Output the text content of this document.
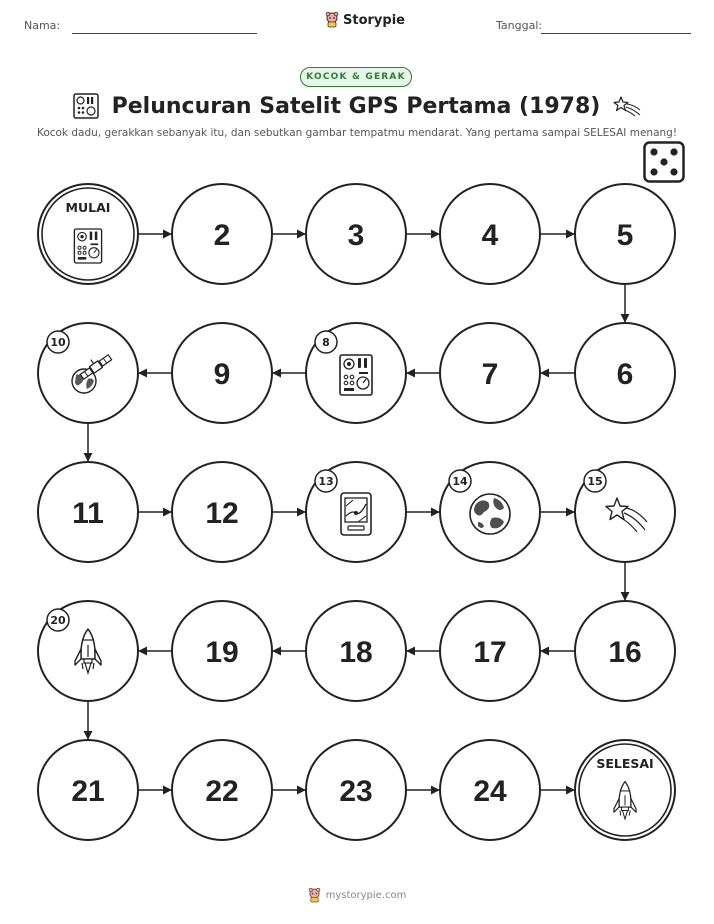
Nama:	Storypie	Tanggal:
KOCOK & GERAK
Peluncuran Satelit GPS Pertama (1978)
Kocok dadu, gerakkan sebanyak itu, dan sebutkan gambar tempatmu mendarat. Yang pertama sampai SELESAI menang!
MULAI
2	3	4	5
6
7
8
9
10
11	12
13	14	15
16
17
18
19
20
21	22	23	24
SELESAI
mystorypie.com
